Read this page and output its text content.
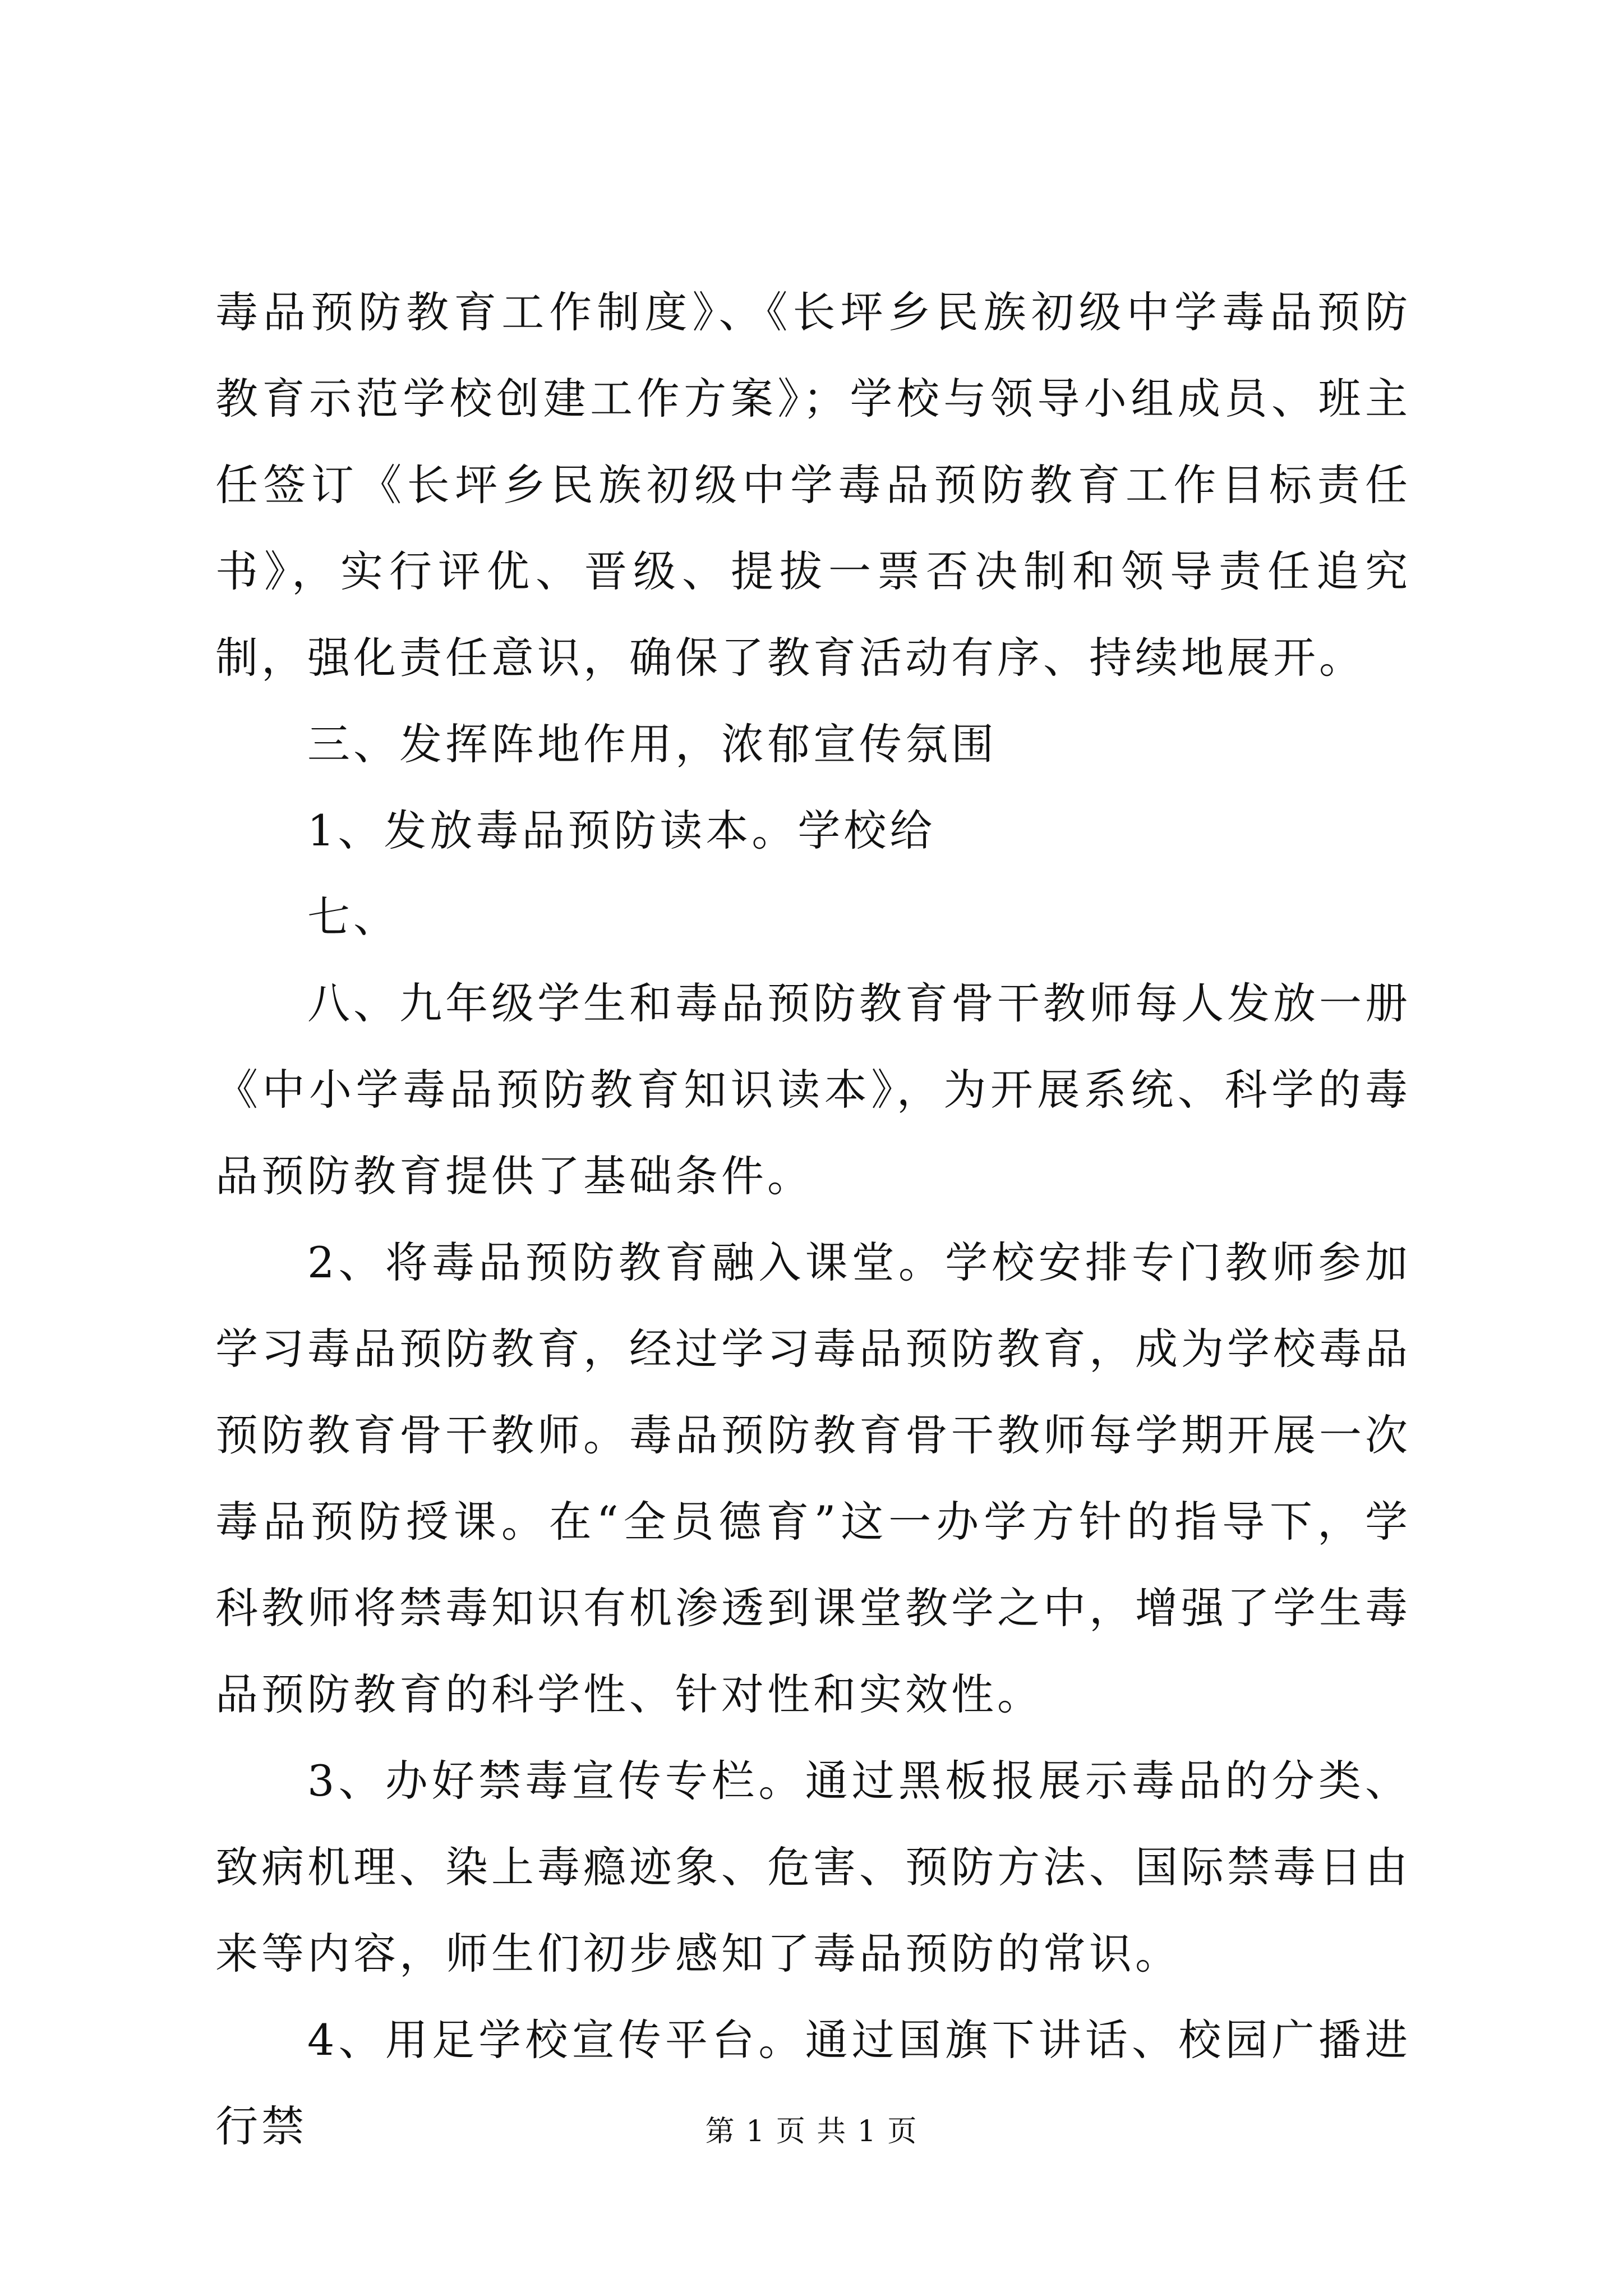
毒品预防教育工作制度》、《长坪乡民族初级中学毒品预防教育示范学校创建工作方案》；学校与领导小组成员、班主任签订《长坪乡民族初级中学毒品预防教育工作目标责任书》，实行评优、晋级、提拔一票否决制和领导责任追究制，强化责任意识，确保了教育活动有序、持续地展开。

三、发挥阵地作用，浓郁宣传氛围

1、发放毒品预防读本。学校给

七、

八、九年级学生和毒品预防教育骨干教师每人发放一册《中小学毒品预防教育知识读本》，为开展系统、科学的毒品预防教育提供了基础条件。

2、将毒品预防教育融入课堂。学校安排专门教师参加学习毒品预防教育，经过学习毒品预防教育，成为学校毒品预防教育骨干教师。毒品预防教育骨干教师每学期开展一次毒品预防授课。在“全员德育”这一办学方针的指导下，学科教师将禁毒知识有机渗透到课堂教学之中，增强了学生毒品预防教育的科学性、针对性和实效性。

3、办好禁毒宣传专栏。通过黑板报展示毒品的分类、致病机理、染上毒瘾迹象、危害、预防方法、国际禁毒日由来等内容，师生们初步感知了毒品预防的常识。

4、用足学校宣传平台。通过国旗下讲话、校园广播进行禁	第 1 页 共 1 页
